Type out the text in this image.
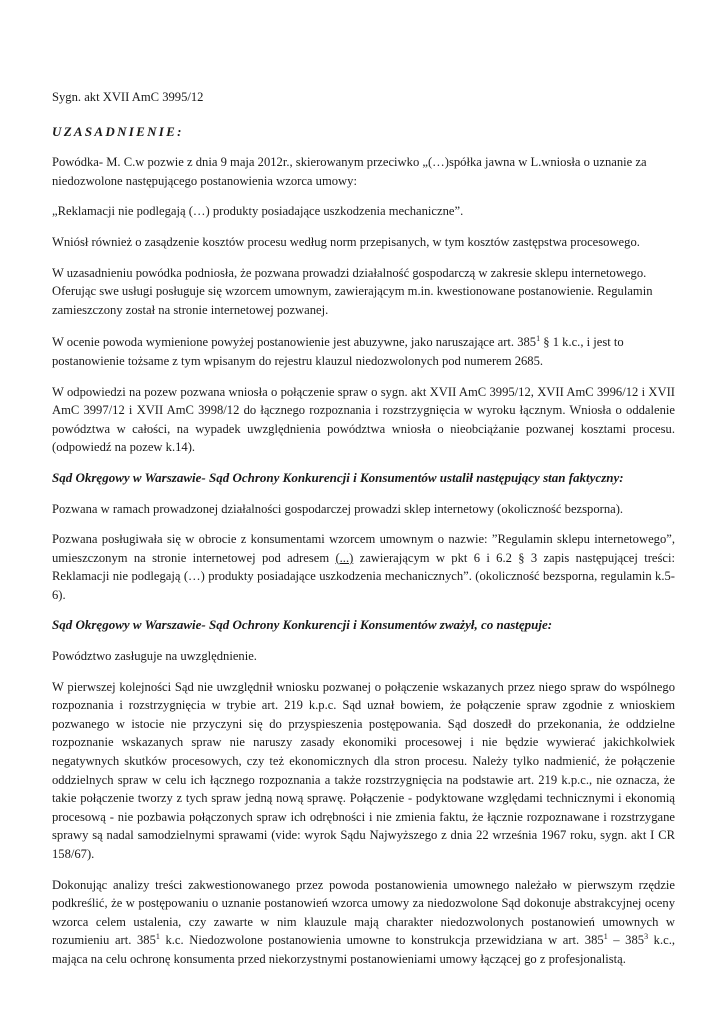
Sygn. akt XVII AmC 3995/12

UZASADNIENIE:

Powódka- M. C.w pozwie z dnia 9 maja 2012r., skierowanym przeciwko „(…)spółka jawna w L.wniosła o uznanie za niedozwolone następującego postanowienia wzorca umowy:

„Reklamacji nie podlegają (…) produkty posiadające uszkodzenia mechaniczne”.

Wniósł również o zasądzenie kosztów procesu według norm przepisanych, w tym kosztów zastępstwa procesowego.

W uzasadnieniu powódka podniosła, że pozwana prowadzi działalność gospodarczą w zakresie sklepu internetowego. Oferując swe usługi posługuje się wzorcem umownym, zawierającym m.in. kwestionowane postanowienie. Regulamin zamieszczony został na stronie internetowej pozwanej.

W ocenie powoda wymienione powyżej postanowienie jest abuzywne, jako naruszające art. $385^1$ § 1 k.c., i jest to postanowienie tożsame z tym wpisanym do rejestru klauzul niedozwolonych pod numerem 2685.

W odpowiedzi na pozew pozwana wniosła o połączenie spraw o sygn. akt XVII AmC 3995/12, XVII AmC 3996/12 i XVII AmC 3997/12 i XVII AmC 3998/12 do łącznego rozpoznania i rozstrzygnięcia w wyroku łącznym. Wniosła o oddalenie powództwa w całości, na wypadek uwzględnienia powództwa wniosła o nieobciążanie pozwanej kosztami procesu. (odpowiedź na pozew k.14).

Sąd Okręgowy w Warszawie- Sąd Ochrony Konkurencji i Konsumentów ustalił następujący stan faktyczny:

Pozwana w ramach prowadzonej działalności gospodarczej prowadzi sklep internetowy (okoliczność bezsporna).

Pozwana posługiwała się w obrocie z konsumentami wzorcem umownym o nazwie: ”Regulamin sklepu internetowego”, umieszczonym na stronie internetowej pod adresem (...) zawierającym w pkt 6 i 6.2 § 3 zapis następującej treści: Reklamacji nie podlegają (…) produkty posiadające uszkodzenia mechanicznych”. (okoliczność bezsporna, regulamin k.5-6).

Sąd Okręgowy w Warszawie- Sąd Ochrony Konkurencji i Konsumentów zważył, co następuje:

Powództwo zasługuje na uwzględnienie.

W pierwszej kolejności Sąd nie uwzględnił wniosku pozwanej o połączenie wskazanych przez niego spraw do wspólnego rozpoznania i rozstrzygnięcia w trybie art. 219 k.p.c. Sąd uznał bowiem, że połączenie spraw zgodnie z wnioskiem pozwanego w istocie nie przyczyni się do przyspieszenia postępowania. Sąd doszedł do przekonania, że oddzielne rozpoznanie wskazanych spraw nie naruszy zasady ekonomiki procesowej i nie będzie wywierać jakichkolwiek negatywnych skutków procesowych, czy też ekonomicznych dla stron procesu. Należy tylko nadmienić, że połączenie oddzielnych spraw w celu ich łącznego rozpoznania a także rozstrzygnięcia na podstawie art. 219 k.p.c., nie oznacza, że takie połączenie tworzy z tych spraw jedną nową sprawę. Połączenie - podyktowane względami technicznymi i ekonomią procesową - nie pozbawia połączonych spraw ich odrębności i nie zmienia faktu, że łącznie rozpoznawane i rozstrzygane sprawy są nadal samodzielnymi sprawami (vide: wyrok Sądu Najwyższego z dnia 22 września 1967 roku, sygn. akt I CR 158/67).

Dokonując analizy treści zakwestionowanego przez powoda postanowienia umownego należało w pierwszym rzędzie podkreślić, że w postępowaniu o uznanie postanowień wzorca umowy za niedozwolone Sąd dokonuje abstrakcyjnej oceny wzorca celem ustalenia, czy zawarte w nim klauzule mają charakter niedozwolonych postanowień umownych w rozumieniu art. $385^1$ k.c. Niedozwolone postanowienia umowne to konstrukcja przewidziana w art. $385^1 - 385^3$ k.c., mająca na celu ochronę konsumenta przed niekorzystnymi postanowieniami umowy łączącej go z profesjonalistą.
